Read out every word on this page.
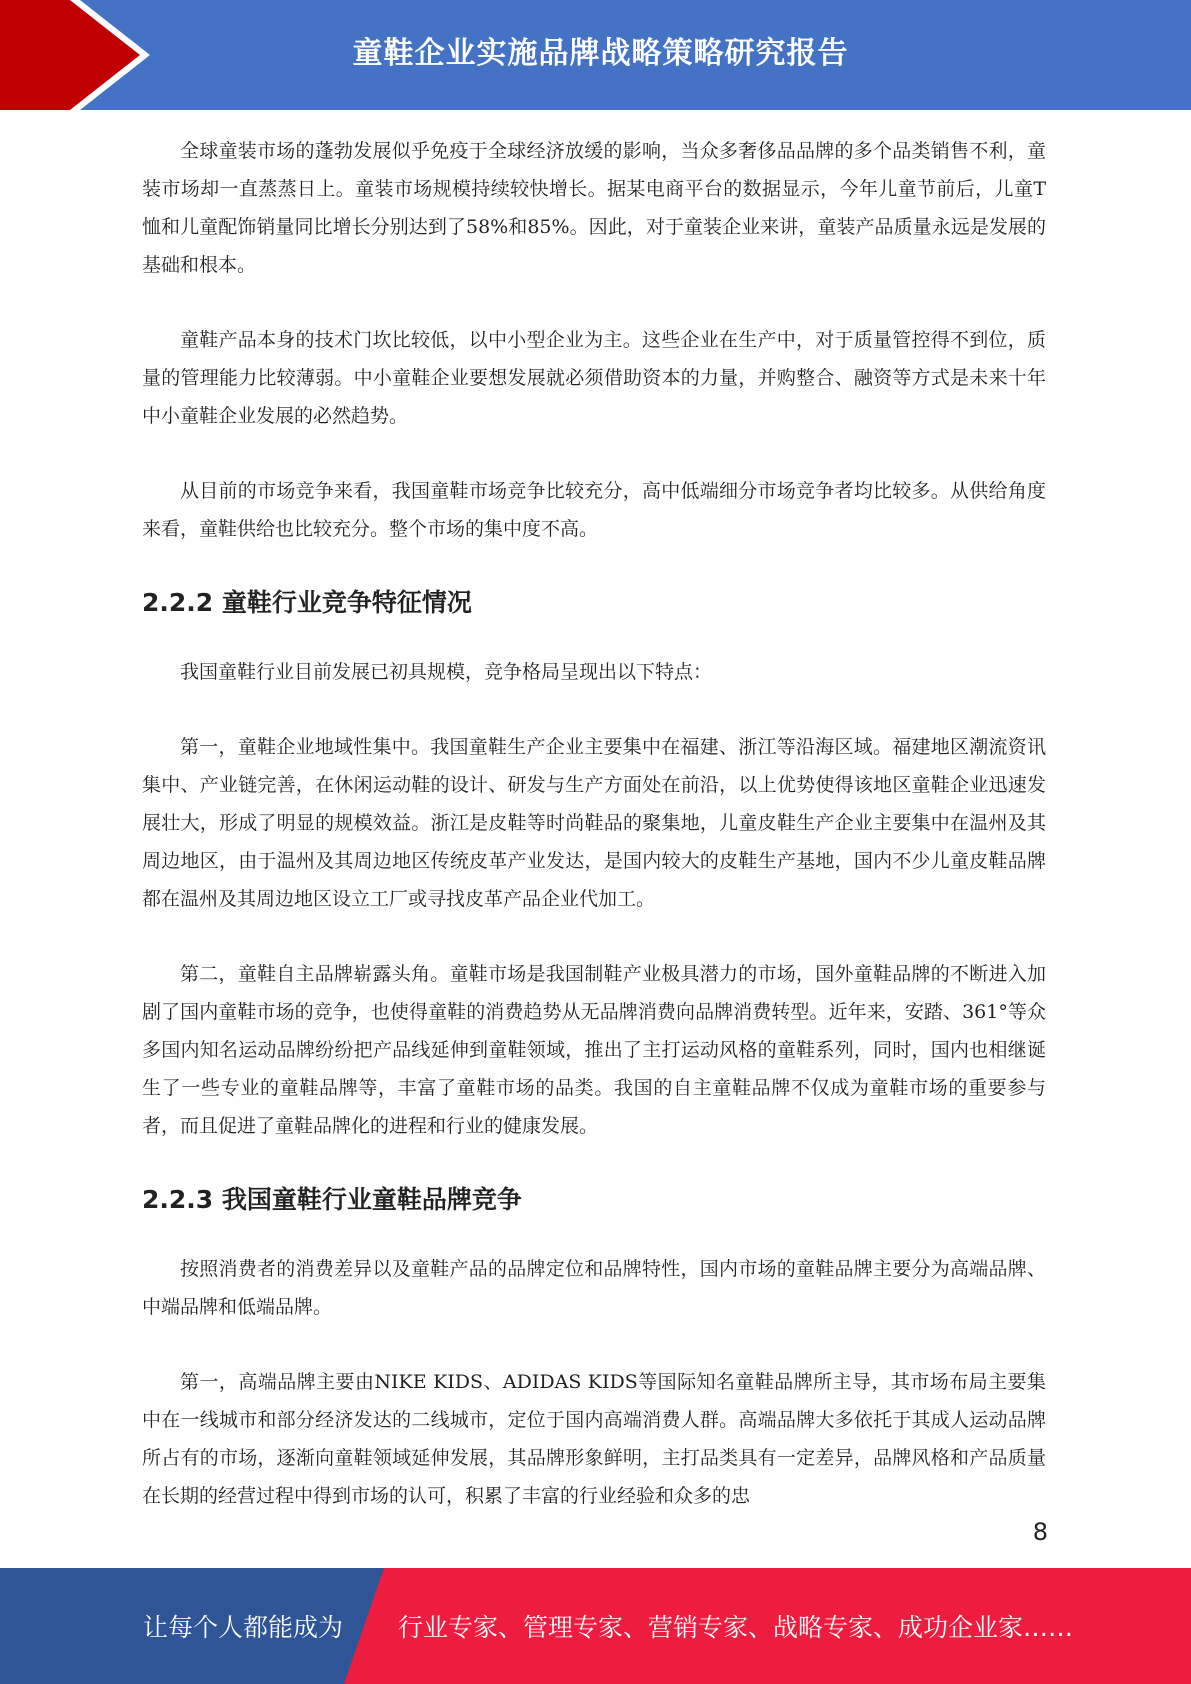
童鞋企业实施品牌战略策略研究报告

全球童装市场的蓬勃发展似乎免疫于全球经济放缓的影响，当众多奢侈品品牌的多个品类销售不利，童装市场却一直蒸蒸日上。童装市场规模持续较快增长。据某电商平台的数据显示，今年儿童节前后，儿童T恤和儿童配饰销量同比增长分别达到了58%和85%。因此，对于童装企业来讲，童装产品质量永远是发展的基础和根本。

童鞋产品本身的技术门坎比较低，以中小型企业为主。这些企业在生产中，对于质量管控得不到位，质量的管理能力比较薄弱。中小童鞋企业要想发展就必须借助资本的力量，并购整合、融资等方式是未来十年中小童鞋企业发展的必然趋势。

从目前的市场竞争来看，我国童鞋市场竞争比较充分，高中低端细分市场竞争者均比较多。从供给角度来看，童鞋供给也比较充分。整个市场的集中度不高。

2.2.2 童鞋行业竞争特征情况

我国童鞋行业目前发展已初具规模，竞争格局呈现出以下特点：

第一，童鞋企业地域性集中。我国童鞋生产企业主要集中在福建、浙江等沿海区域。福建地区潮流资讯集中、产业链完善，在休闲运动鞋的设计、研发与生产方面处在前沿，以上优势使得该地区童鞋企业迅速发展壮大，形成了明显的规模效益。浙江是皮鞋等时尚鞋品的聚集地，儿童皮鞋生产企业主要集中在温州及其周边地区，由于温州及其周边地区传统皮革产业发达，是国内较大的皮鞋生产基地，国内不少儿童皮鞋品牌都在温州及其周边地区设立工厂或寻找皮革产品企业代加工。

第二，童鞋自主品牌崭露头角。童鞋市场是我国制鞋产业极具潜力的市场，国外童鞋品牌的不断进入加剧了国内童鞋市场的竞争，也使得童鞋的消费趋势从无品牌消费向品牌消费转型。近年来，安踏、361°等众多国内知名运动品牌纷纷把产品线延伸到童鞋领域，推出了主打运动风格的童鞋系列，同时，国内也相继诞生了一些专业的童鞋品牌等，丰富了童鞋市场的品类。我国的自主童鞋品牌不仅成为童鞋市场的重要参与者，而且促进了童鞋品牌化的进程和行业的健康发展。

2.2.3 我国童鞋行业童鞋品牌竞争

按照消费者的消费差异以及童鞋产品的品牌定位和品牌特性，国内市场的童鞋品牌主要分为高端品牌、中端品牌和低端品牌。

第一，高端品牌主要由NIKE KIDS、ADIDAS KIDS等国际知名童鞋品牌所主导，其市场布局主要集中在一线城市和部分经济发达的二线城市，定位于国内高端消费人群。高端品牌大多依托于其成人运动品牌所占有的市场，逐渐向童鞋领域延伸发展，其品牌形象鲜明，主打品类具有一定差异，品牌风格和产品质量在长期的经营过程中得到市场的认可，积累了丰富的行业经验和众多的忠

8
让每个人都能成为 行业专家、管理专家、营销专家、战略专家、成功企业家……
